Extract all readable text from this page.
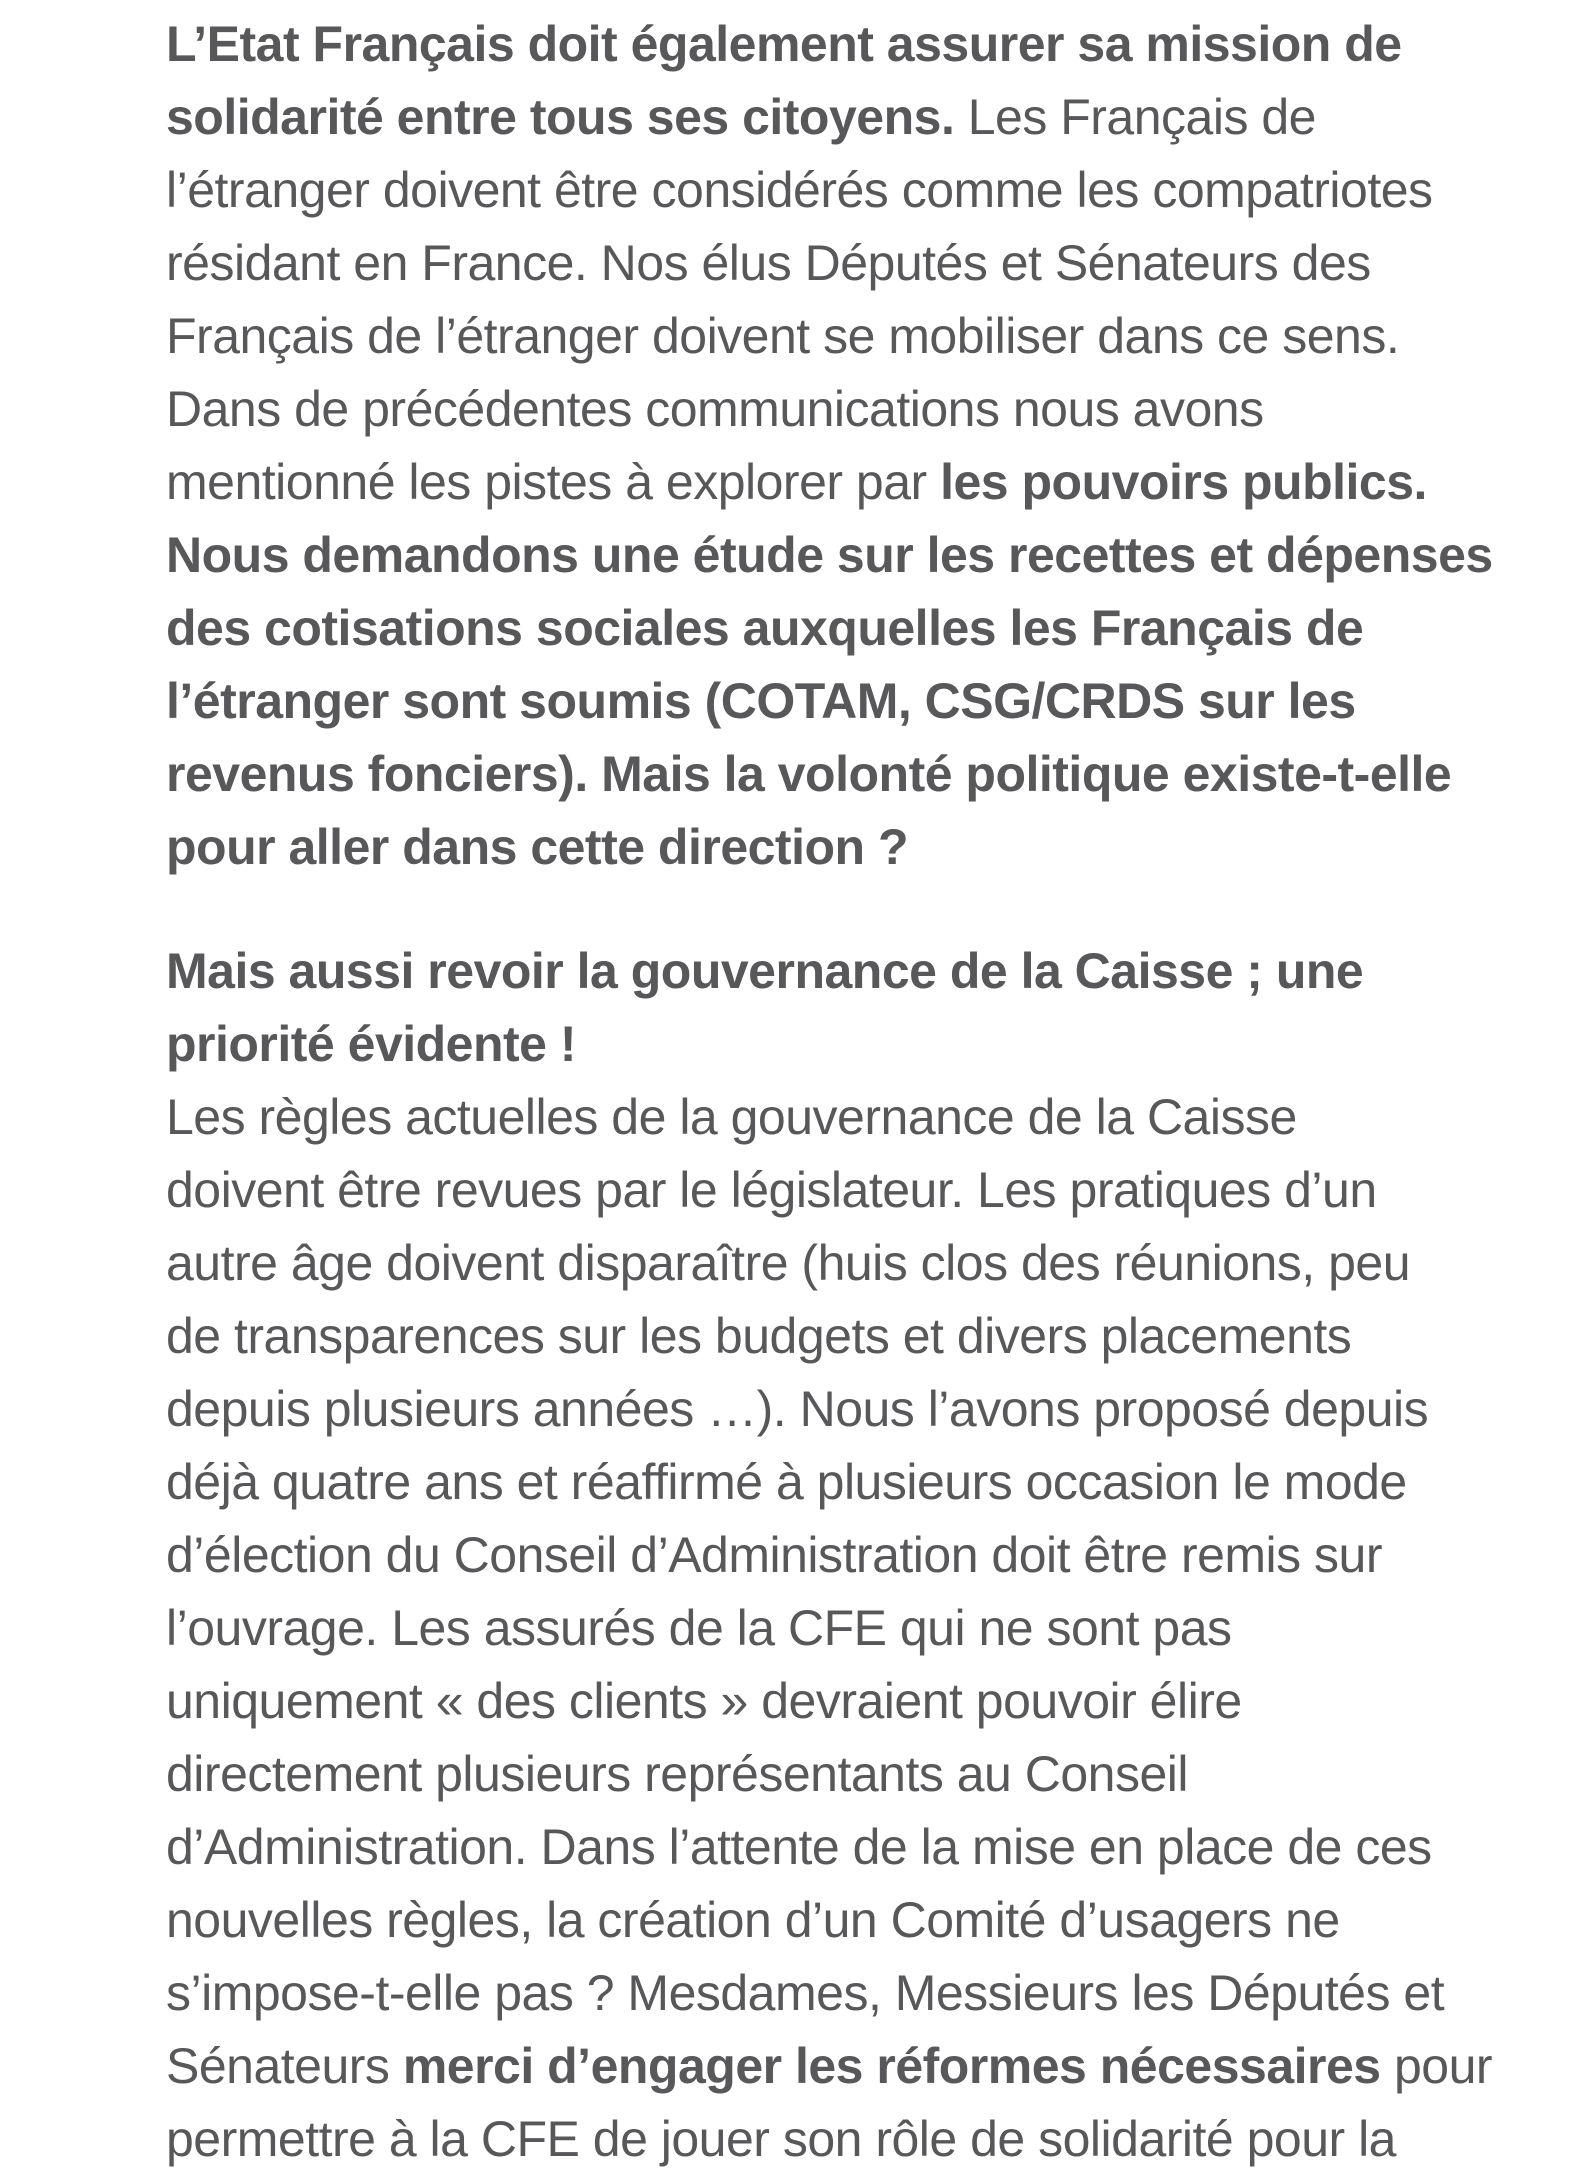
L’Etat Français doit également assurer sa mission de
solidarité entre tous ses citoyens. Les Français de
l’étranger doivent être considérés comme les compatriotes
résidant en France. Nos élus Députés et Sénateurs des
Français de l’étranger doivent se mobiliser dans ce sens.
Dans de précédentes communications nous avons
mentionné les pistes à explorer par les pouvoirs publics.
Nous demandons une étude sur les recettes et dépenses
des cotisations sociales auxquelles les Français de
l’étranger sont soumis (COTAM, CSG/CRDS sur les
revenus fonciers). Mais la volonté politique existe-t-elle
pour aller dans cette direction ?

Mais aussi revoir la gouvernance de la Caisse ; une
priorité évidente !
Les règles actuelles de la gouvernance de la Caisse
doivent être revues par le législateur. Les pratiques d’un
autre âge doivent disparaître (huis clos des réunions, peu
de transparences sur les budgets et divers placements
depuis plusieurs années …). Nous l’avons proposé depuis
déjà quatre ans et réaffirmé à plusieurs occasion le mode
d’élection du Conseil d’Administration doit être remis sur
l’ouvrage. Les assurés de la CFE qui ne sont pas
uniquement « des clients » devraient pouvoir élire
directement plusieurs représentants au Conseil
d’Administration. Dans l’attente de la mise en place de ces
nouvelles règles, la création d’un Comité d’usagers ne
s’impose-t-elle pas ? Mesdames, Messieurs les Députés et
Sénateurs merci d’engager les réformes nécessaires pour
permettre à la CFE de jouer son rôle de solidarité pour la
